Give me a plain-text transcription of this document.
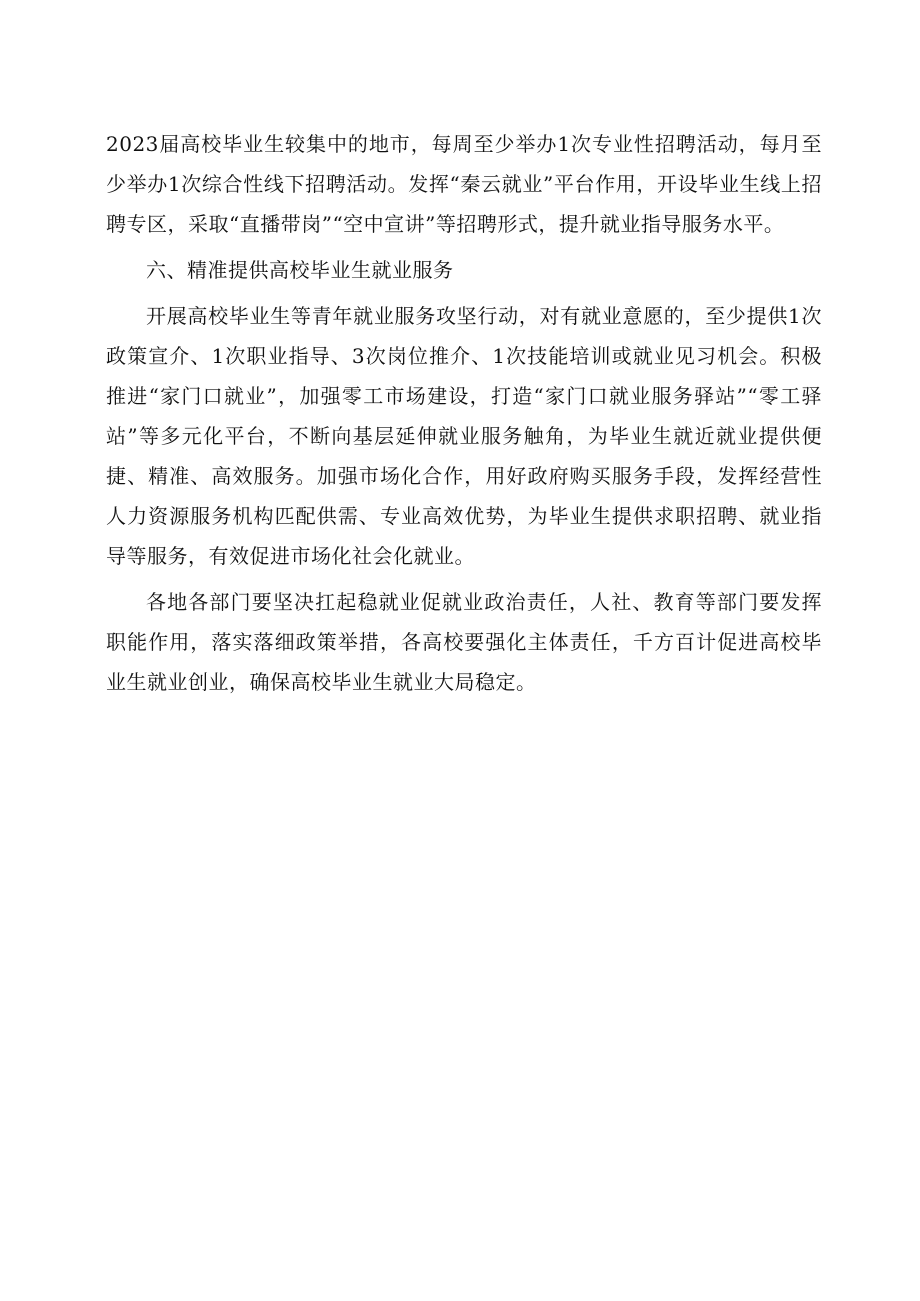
2023届高校毕业生较集中的地市，每周至少举办1次专业性招聘活动，每月至少举办1次综合性线下招聘活动。发挥“秦云就业”平台作用，开设毕业生线上招聘专区，采取“直播带岗”“空中宣讲”等招聘形式，提升就业指导服务水平。

六、精准提供高校毕业生就业服务

开展高校毕业生等青年就业服务攻坚行动，对有就业意愿的，至少提供1次政策宣介、1次职业指导、3次岗位推介、1次技能培训或就业见习机会。积极推进“家门口就业”，加强零工市场建设，打造“家门口就业服务驿站”“零工驿站”等多元化平台，不断向基层延伸就业服务触角，为毕业生就近就业提供便捷、精准、高效服务。加强市场化合作，用好政府购买服务手段，发挥经营性人力资源服务机构匹配供需、专业高效优势，为毕业生提供求职招聘、就业指导等服务，有效促进市场化社会化就业。

各地各部门要坚决扛起稳就业促就业政治责任，人社、教育等部门要发挥职能作用，落实落细政策举措，各高校要强化主体责任，千方百计促进高校毕业生就业创业，确保高校毕业生就业大局稳定。
